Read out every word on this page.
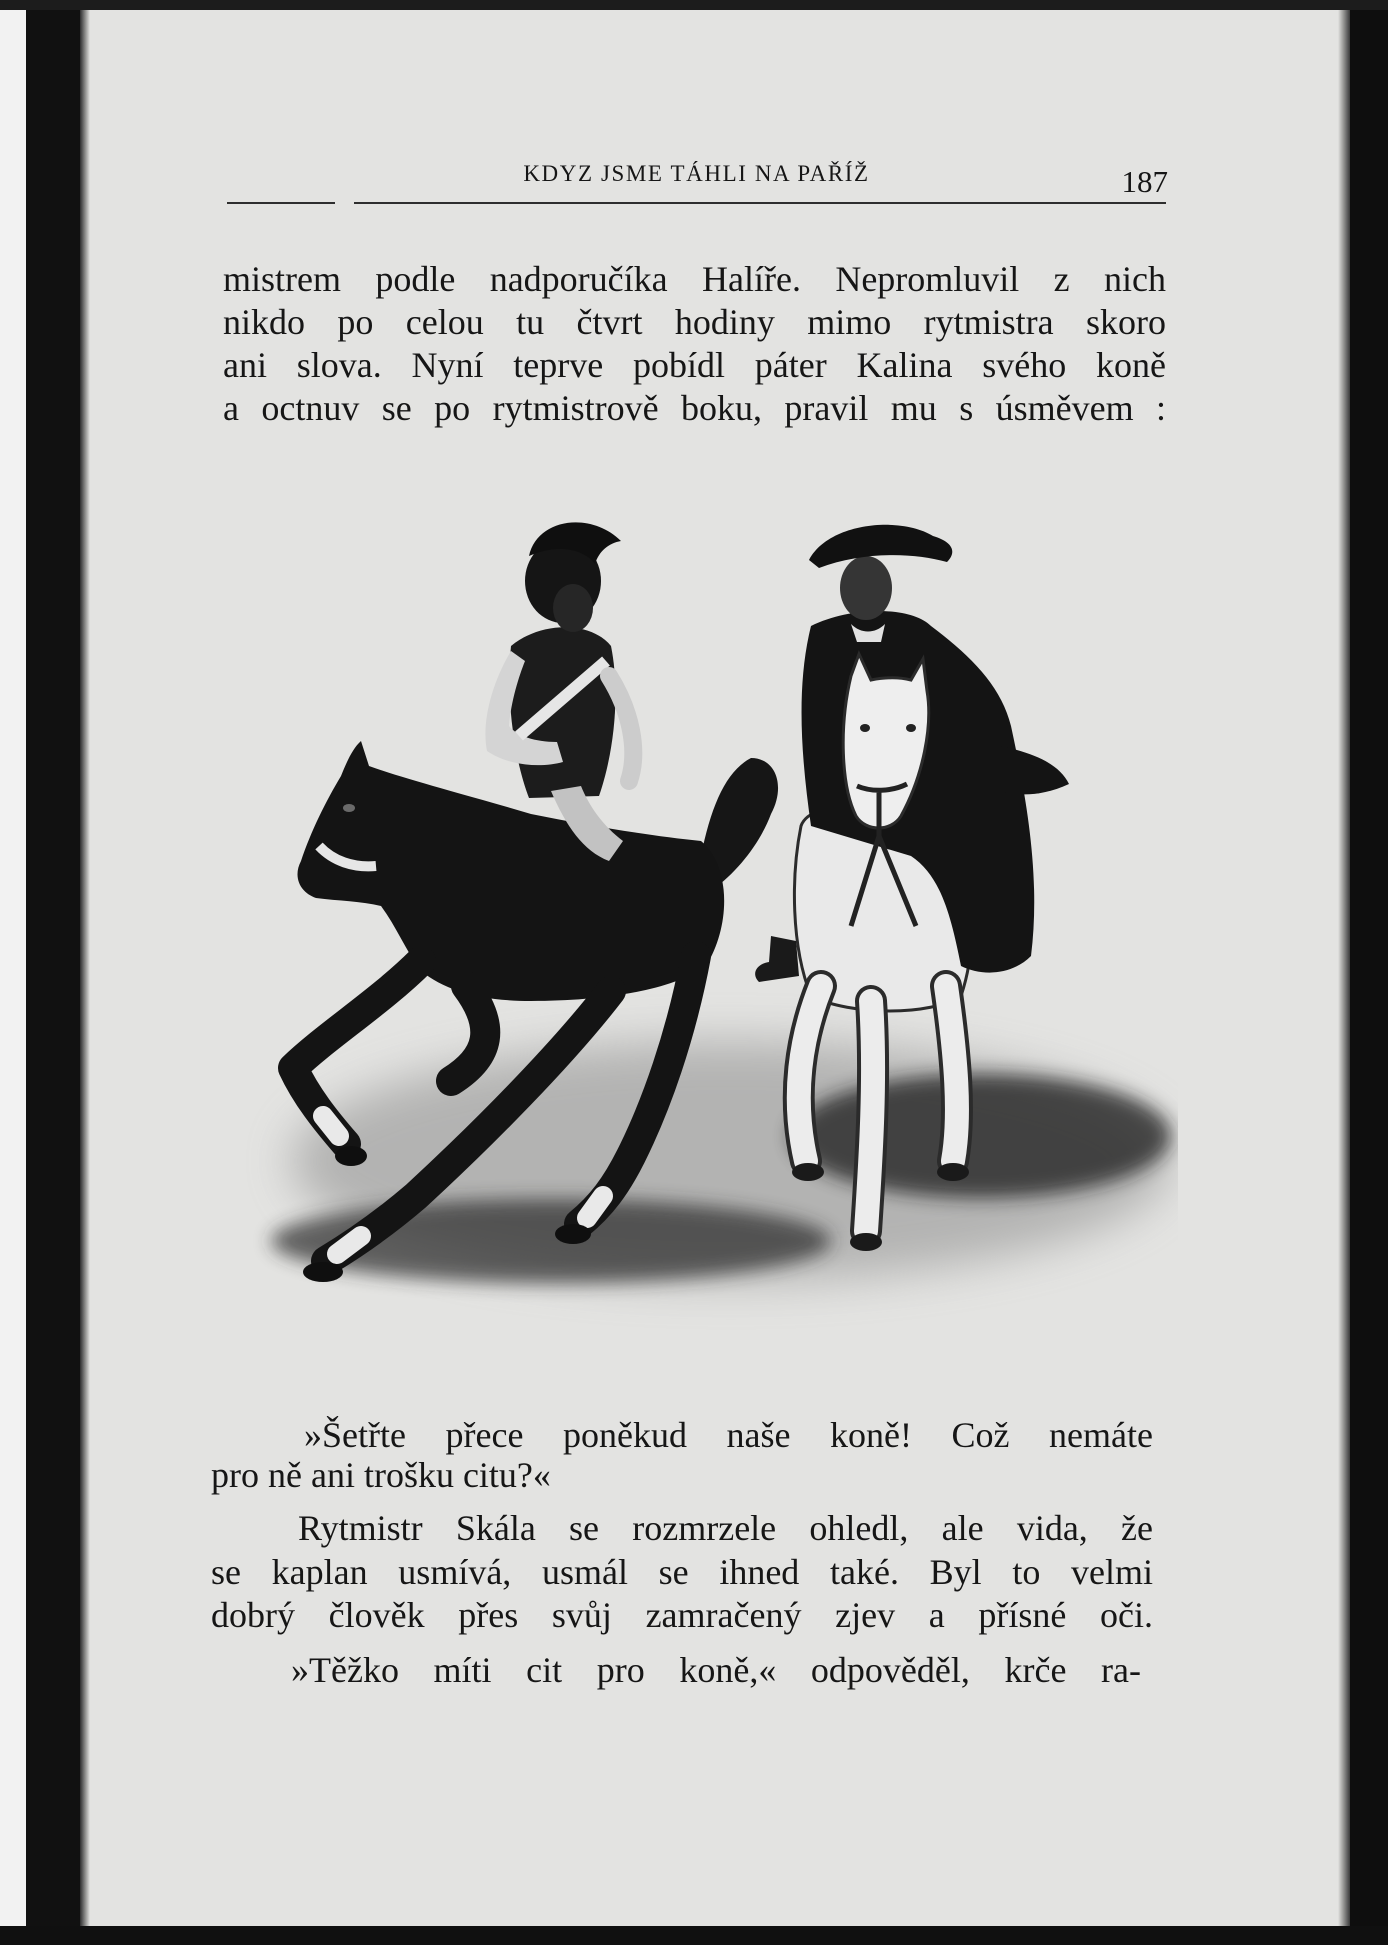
KDYZ JSME TÁHLI NA PAŘÍŽ	187
mistrem podle nadporučíka Halíře. Nepromluvil z nich
nikdo po celou tu čtvrt hodiny mimo rytmistra skoro
ani slova. Nyní teprve pobídl páter Kalina svého koně
a octnuv se po rytmistrově boku, pravil mu s úsměvem :
»Šetřte přece poněkud naše koně! Což nemáte
pro ně ani trošku citu?«
Rytmistr Skála se rozmrzele ohledl, ale vida, že
se kaplan usmívá, usmál se ihned také. Byl to velmi
dobrý člověk přes svůj zamračený zjev a přísné oči.
»Těžko míti cit pro koně,« odpověděl, krče ra-
